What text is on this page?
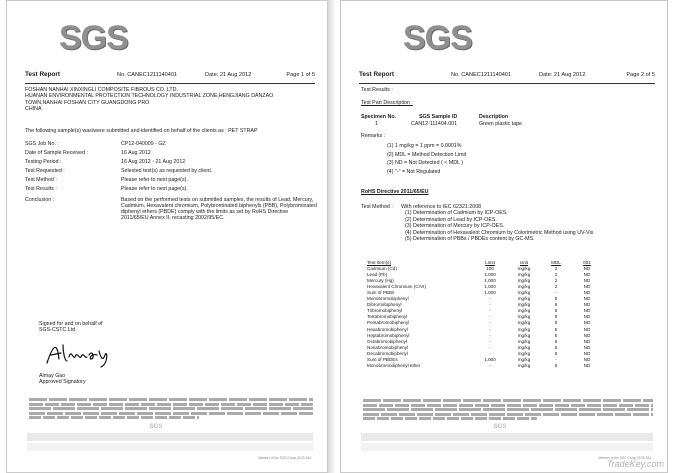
SGS
Test Report	No. CANEC1211140401	Date: 21 Aug 2012	Page 1 of 5
FOSHAN NANHAI XINXINGLI COMPOSITE FIBROUS CO.,LTD.
HUANAN ENVIRONMENTAL PROTECTION TECHNOLOGY INDUSTRIAL ZONE,HENGJIANG DANZAO
TOWN,NANHAI FOSHAN CITY GUANGDONG PRO
CHINA
The following sample(s) was/were submitted and identified on behalf of the clients as : PET STRAP
SGS Job No. :	CP12-040009 - GZ
Date of Sample Received :	16 Aug 2012
Testing Period :	16 Aug 2012 - 21 Aug 2012
Test Requested :	Selected test(s) as requested by client.
Test Method :	Please refer to next page(s).
Test Results :	Please refer to next page(s).
Conclusion :	Based on the performed tests on submitted samples, the results of Lead, Mercury, Cadmium, Hexavalent chromium, Polybrominated biphenyls (PBB), Polybrominated diphenyl ethers (PBDE) comply with the limits as set by RoHS Directive 2011/65/EU Annex II, recasting 2002/95/EC.
Signed for and on behalf of
SGS-CSTC Ltd.
Almay Gao
Approved Signatory
SGS
Member of the SGS Group (SGS SA)
SGS
Test Report	No. CANEC1211140401	Date: 21 Aug 2012	Page 2 of 5
Test Results :
Test Part Description :
Specimen No.	SGS Sample ID	Description
1	CAN12-111404.001	Green plastic tape
Remarks :
(1) 1 mg/kg = 1 ppm = 0.0001%
(2) MDL = Method Detection Limit
(3) ND = Not Detected ( < MDL )
(4) "-" = Not Regulated
RoHS Directive 2011/65/EU
Test Method : With reference to IEC 62321:2008
(1) Determination of Cadmium by ICP-OES.
(2) Determination of Lead by ICP-OES.
(3) Determination of Mercury by ICP-OES.
(4) Determination of Hexavalent Chromium by Colorimetric Method using UV-Vis
(5) Determination of PBBs / PBDEs content by GC-MS.
Test Item(s)	Limit	Unit	MDL	001
Cadmium (Cd)	100	mg/kg	2	ND
Lead (Pb)	1,000	mg/kg	2	ND
Mercury (Hg)	1,000	mg/kg	2	ND
Hexavalent Chromium (CrVI)	1,000	mg/kg	2	ND
Sum of PBBs	1,000	mg/kg	-	ND
Monobromobiphenyl	-	mg/kg	5	ND
Dibromobiphenyl	-	mg/kg	5	ND
Tribromobiphenyl	-	mg/kg	5	ND
Tetrabromobiphenyl	-	mg/kg	5	ND
Pentabromobiphenyl	-	mg/kg	5	ND
Hexabromobiphenyl	-	mg/kg	5	ND
Heptabromobiphenyl	-	mg/kg	5	ND
Octabromobiphenyl	-	mg/kg	5	ND
Nonabromobiphenyl	-	mg/kg	5	ND
Decabromobiphenyl	-	mg/kg	5	ND
Sum of PBDEs	1,000	mg/kg	-	ND
Monobromodiphenyl ether	-	mg/kg	5	ND
SGS
Member of the SGS Group (SGS SA)
TradeKey.com
